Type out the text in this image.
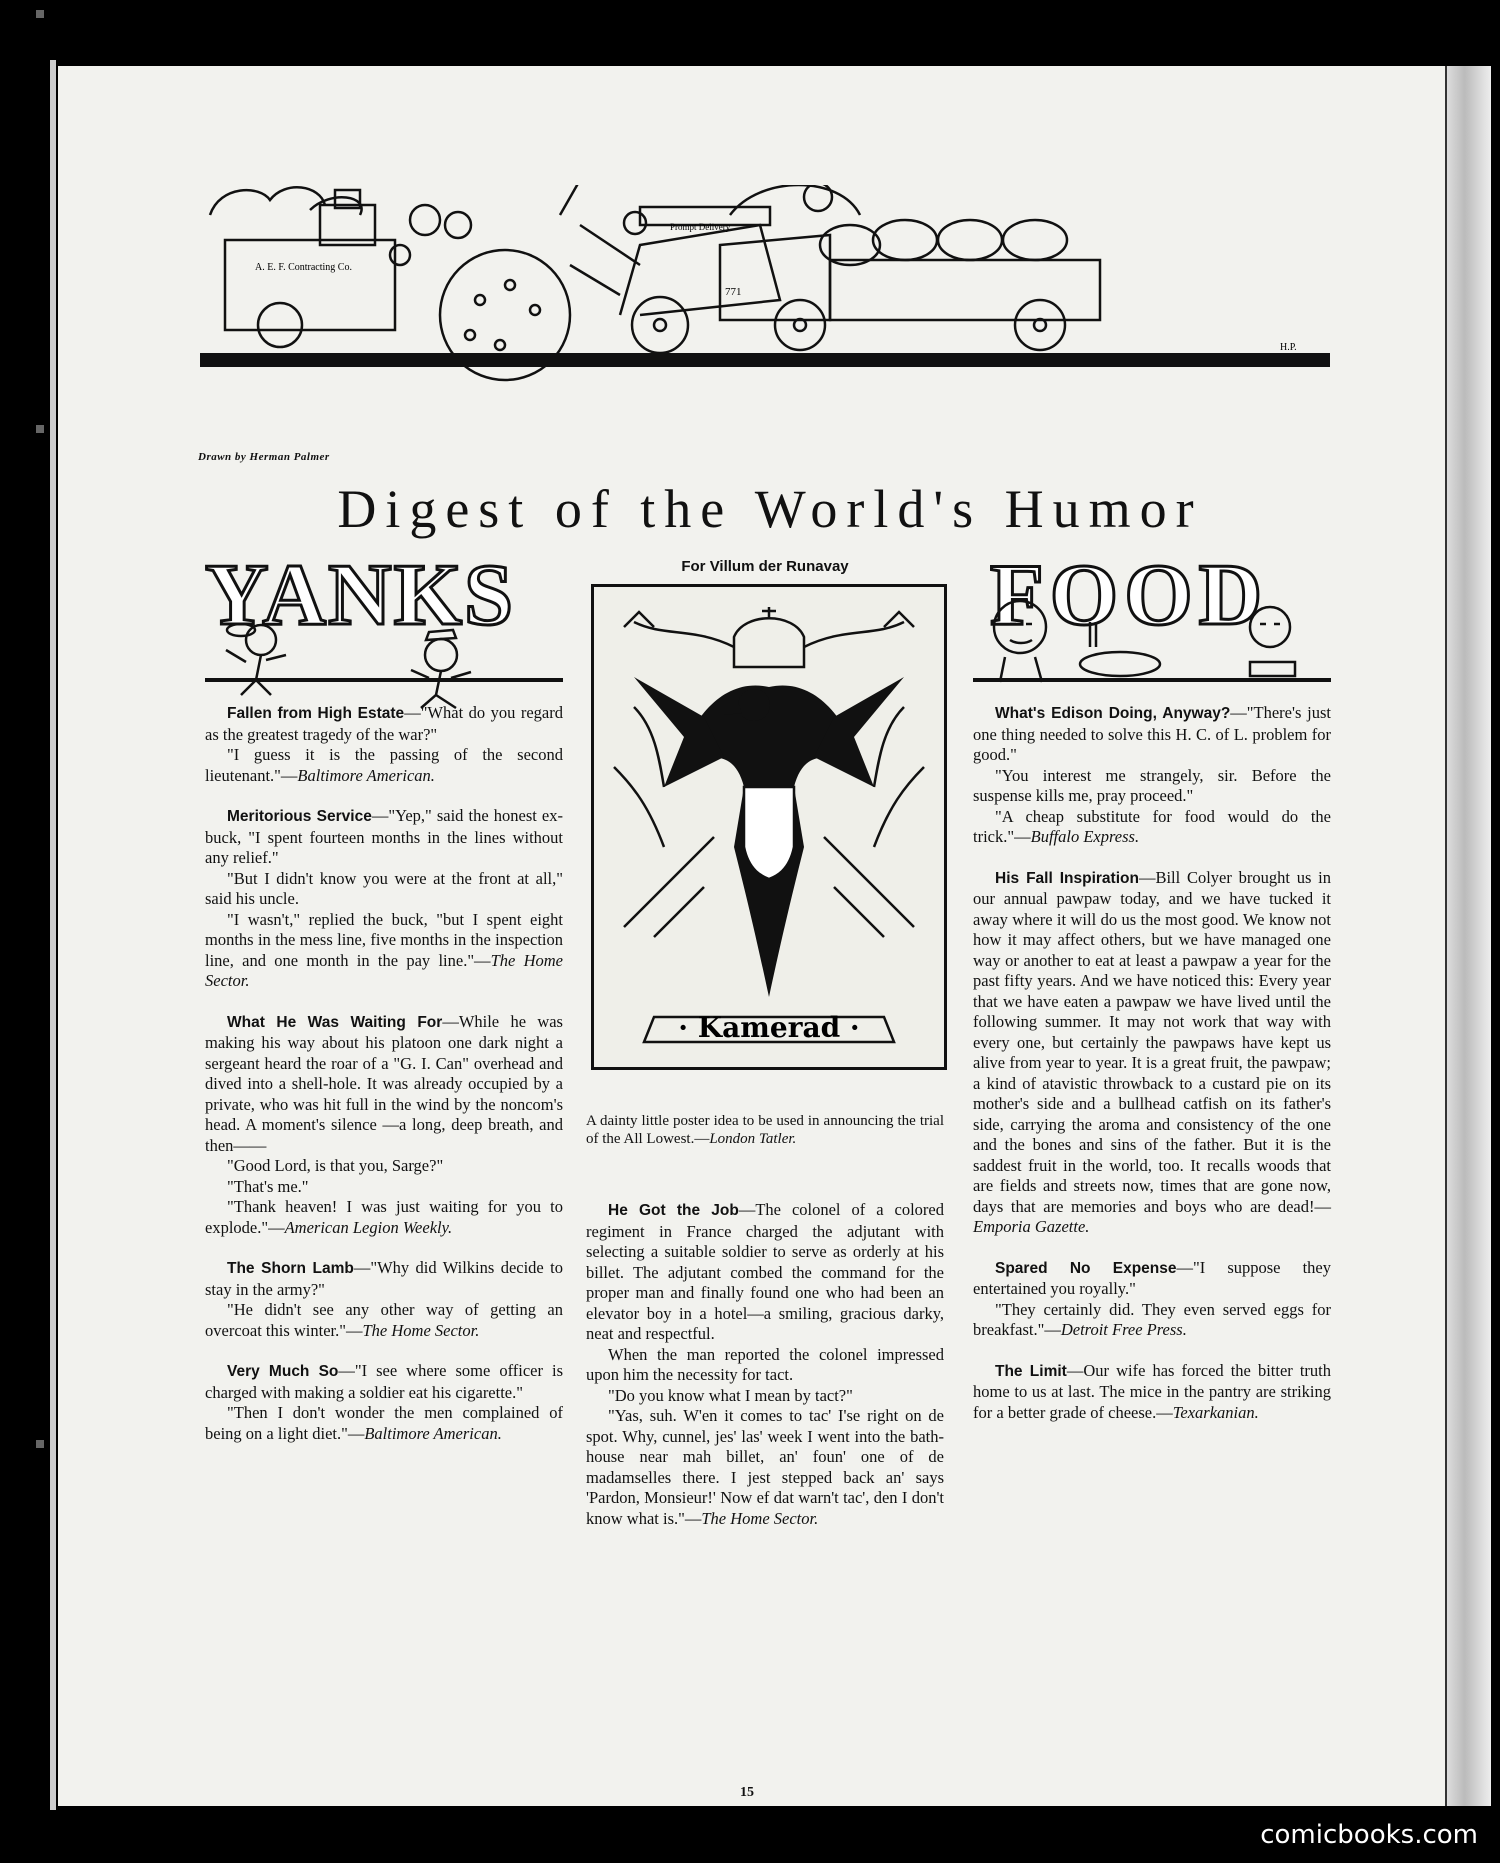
A. E. F. Contracting Co.
Prompt Delivery
771
H.P.
Drawn by Herman Palmer
Digest of the World's Humor
YANKS	FOOD

Fallen from High Estate—"What do you regard as the greatest tragedy of the war?"

"I guess it is the passing of the second lieutenant."—Baltimore American.

Meritorious Service—"Yep," said the honest ex-buck, "I spent fourteen months in the lines without any relief."

"But I didn't know you were at the front at all," said his uncle.

"I wasn't," replied the buck, "but I spent eight months in the mess line, five months in the inspection line, and one month in the pay line."—The Home Sector.

What He Was Waiting For—While he was making his way about his platoon one dark night a sergeant heard the roar of a "G. I. Can" overhead and dived into a shell-hole. It was already occupied by a private, who was hit full in the wind by the noncom's head. A moment's silence —a long, deep breath, and then——

"Good Lord, is that you, Sarge?"

"That's me."

"Thank heaven! I was just waiting for you to explode."—American Legion Weekly.

The Shorn Lamb—"Why did Wilkins decide to stay in the army?"

"He didn't see any other way of getting an overcoat this winter."—The Home Sector.

Very Much So—"I see where some officer is charged with making a soldier eat his cigarette."

"Then I don't wonder the men complained of being on a light diet."—Baltimore American.

For Villum der Runavay
· Kamerad ·
A dainty little poster idea to be used in announcing the trial of the All Lowest.—London Tatler.

He Got the Job—The colonel of a colored regiment in France charged the adjutant with selecting a suitable soldier to serve as orderly at his billet. The adjutant combed the command for the proper man and finally found one who had been an elevator boy in a hotel—a smiling, gracious darky, neat and respectful.

When the man reported the colonel impressed upon him the necessity for tact.

"Do you know what I mean by tact?"

"Yas, suh. W'en it comes to tac' I'se right on de spot. Why, cunnel, jes' las' week I went into the bath-house near mah billet, an' foun' one of de madamselles there. I jest stepped back an' says 'Pardon, Monsieur!' Now ef dat warn't tac', den I don't know what is."—The Home Sector.

What's Edison Doing, Anyway?—"There's just one thing needed to solve this H. C. of L. problem for good."

"You interest me strangely, sir. Before the suspense kills me, pray proceed."

"A cheap substitute for food would do the trick."—Buffalo Express.

His Fall Inspiration—Bill Colyer brought us in our annual pawpaw today, and we have tucked it away where it will do us the most good. We know not how it may affect others, but we have managed one way or another to eat at least a pawpaw a year for the past fifty years. And we have noticed this: Every year that we have eaten a pawpaw we have lived until the following summer. It may not work that way with every one, but certainly the pawpaws have kept us alive from year to year. It is a great fruit, the pawpaw; a kind of atavistic throwback to a custard pie on its mother's side and a bullhead catfish on its father's side, carrying the aroma and consistency of the one and the bones and sins of the father. But it is the saddest fruit in the world, too. It recalls woods that are fields and streets now, times that are gone now, days that are memories and boys who are dead!—Emporia Gazette.

Spared No Expense—"I suppose they entertained you royally."

"They certainly did. They even served eggs for breakfast."—Detroit Free Press.

The Limit—Our wife has forced the bitter truth home to us at last. The mice in the pantry are striking for a better grade of cheese.—Texarkanian.

15
comicbooks.com
